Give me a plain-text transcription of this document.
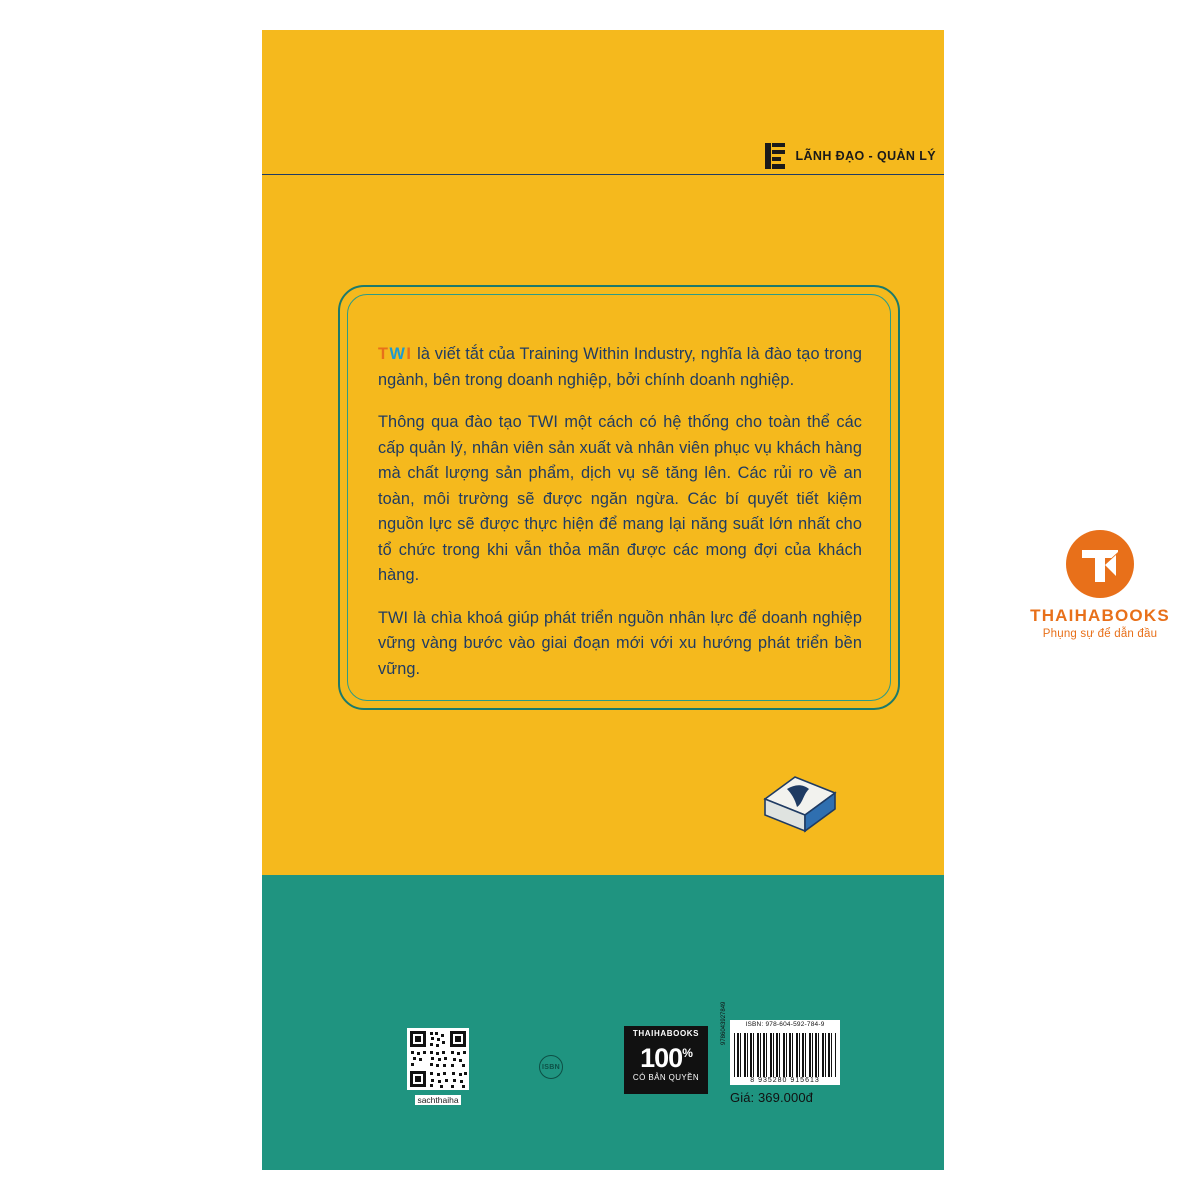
LÃNH ĐẠO - QUẢN LÝ

TWI là viết tắt của Training Within Industry, nghĩa là đào tạo trong ngành, bên trong doanh nghiệp, bởi chính doanh nghiệp.

Thông qua đào tạo TWI một cách có hệ thống cho toàn thể các cấp quản lý, nhân viên sản xuất và nhân viên phục vụ khách hàng mà chất lượng sản phẩm, dịch vụ sẽ tăng lên. Các rủi ro về an toàn, môi trường sẽ được ngăn ngừa. Các bí quyết tiết kiệm nguồn lực sẽ được thực hiện để mang lại năng suất lớn nhất cho tổ chức trong khi vẫn thỏa mãn được các mong đợi của khách hàng.

TWI là chìa khoá giúp phát triển nguồn nhân lực để doanh nghiệp vững vàng bước vào giai đoạn mới với xu hướng phát triển bền vững.

sachthaiha
ISBN
THAIHABOOKS
100%
CÓ BẢN QUYỀN
ISBN: 978-604-592-784-9
9786043927849
8 935280 915613
Giá: 369.000đ
THAIHABOOKS
Phụng sự để dẫn đầu
